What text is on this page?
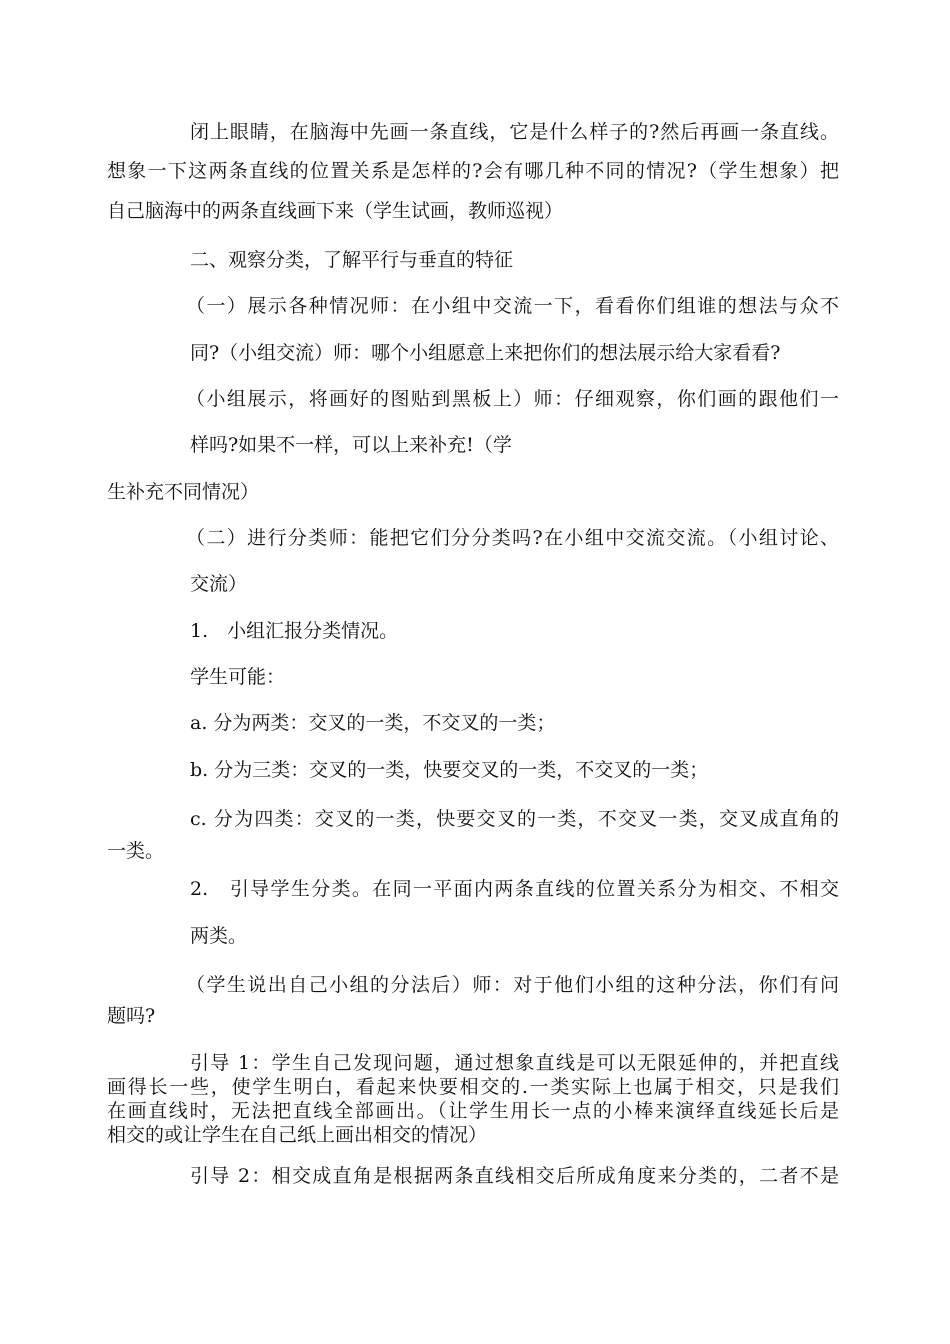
闭上眼睛，在脑海中先画一条直线，它是什么样子的?然后再画一条直线。
想象一下这两条直线的位置关系是怎样的?会有哪几种不同的情况?（学生想象）把
自己脑海中的两条直线画下来（学生试画，教师巡视）
二、观察分类，了解平行与垂直的特征
（一）展示各种情况师：在小组中交流一下，看看你们组谁的想法与众不
同?（小组交流）师：哪个小组愿意上来把你们的想法展示给大家看看?
（小组展示，将画好的图贴到黑板上）师：仔细观察，你们画的跟他们一
样吗?如果不一样，可以上来补充!（学
生补充不同情况）
（二）进行分类师：能把它们分分类吗?在小组中交流交流。（小组讨论、
交流）
1.　小组汇报分类情况。
学生可能：
a. 分为两类：交叉的一类，不交叉的一类；
b. 分为三类：交叉的一类，快要交叉的一类，不交叉的一类；
c. 分为四类：交叉的一类，快要交叉的一类，不交叉一类，交叉成直角的
一类。
2.　引导学生分类。在同一平面内两条直线的位置关系分为相交、不相交
两类。
（学生说出自己小组的分法后）师：对于他们小组的这种分法，你们有问
题吗?
引导 1：学生自己发现问题，通过想象直线是可以无限延伸的，并把直线
画得长一些，使学生明白，看起来快要相交的.一类实际上也属于相交，只是我们
在画直线时，无法把直线全部画出。（让学生用长一点的小棒来演绎直线延长后是
相交的或让学生在自己纸上画出相交的情况）
引导 2：相交成直角是根据两条直线相交后所成角度来分类的，二者不是
